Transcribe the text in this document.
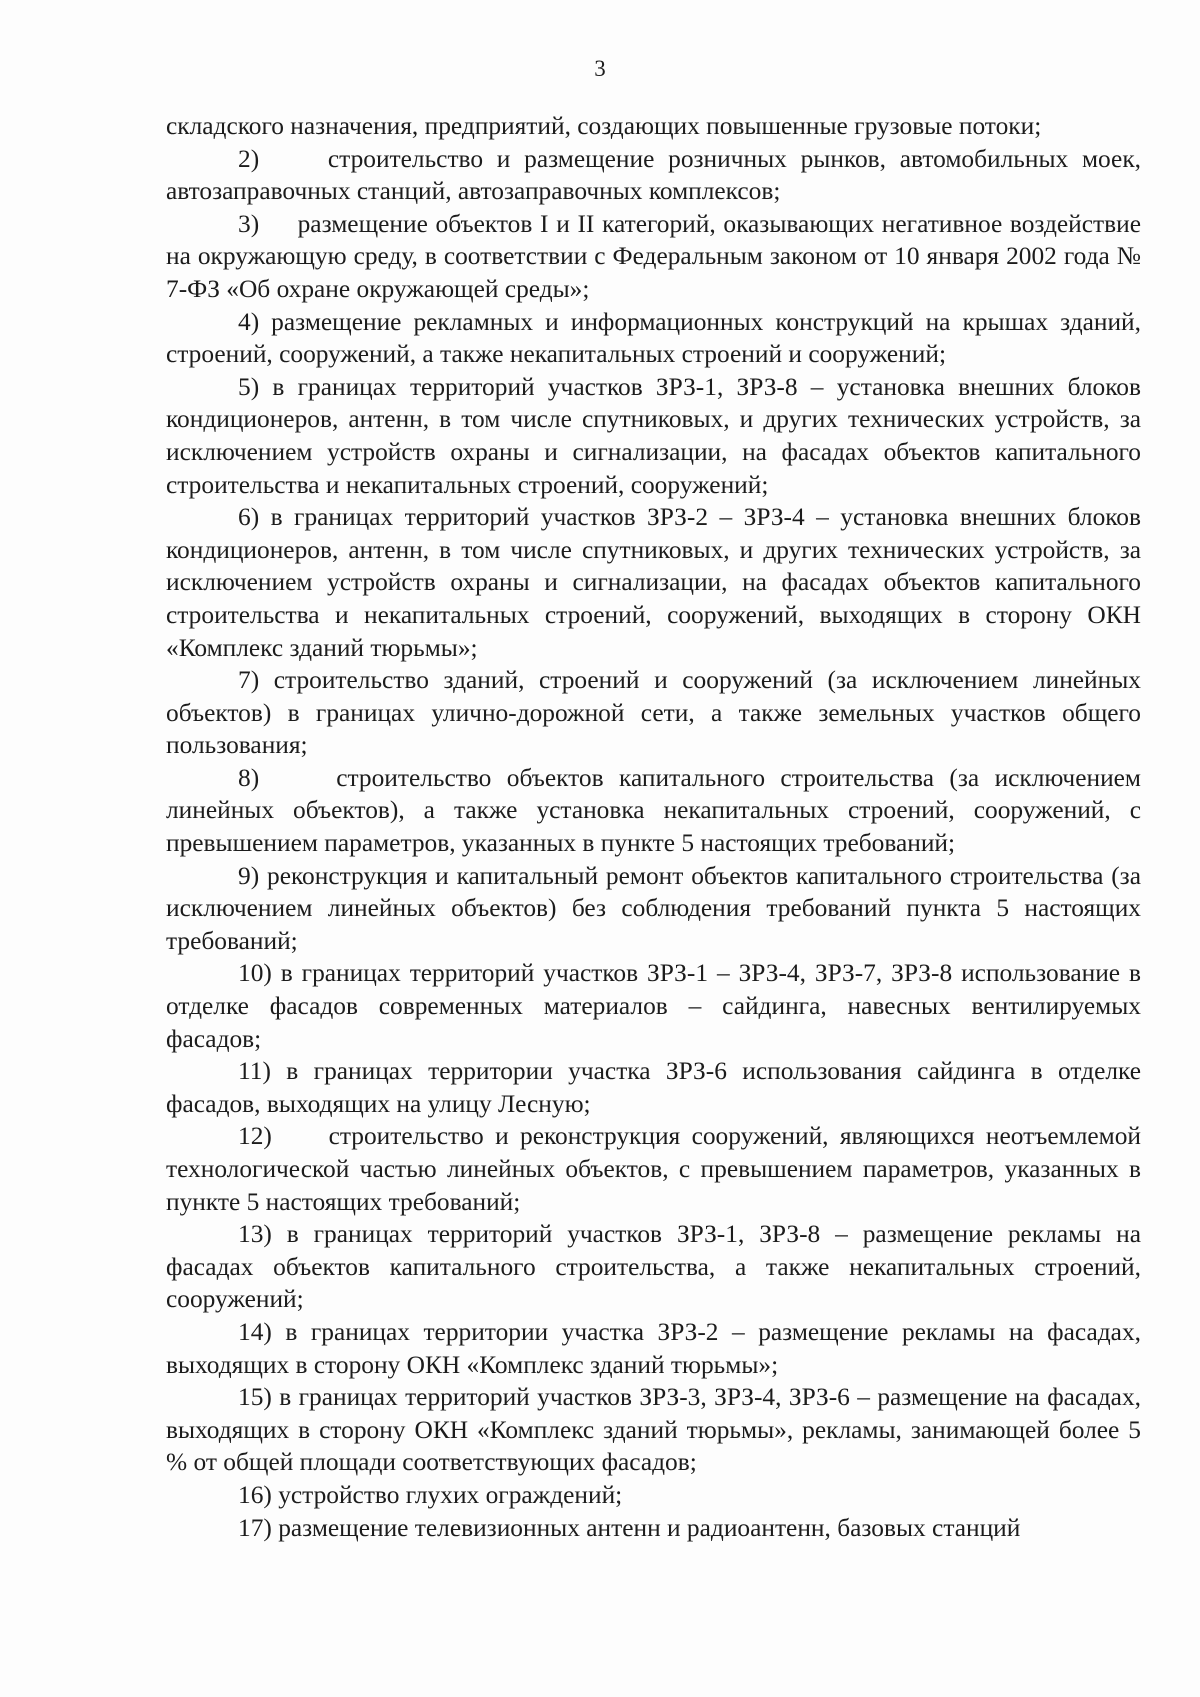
3

складского назначения, предприятий, создающих повышенные грузовые потоки;

2)     строительство и размещение розничных рынков, автомобильных моек, автозаправочных станций, автозаправочных комплексов;

3)     размещение объектов I и II категорий, оказывающих негативное воздействие на окружающую среду, в соответствии с Федеральным законом от 10 января 2002 года № 7-ФЗ «Об охране окружающей среды»;

4) размещение рекламных и информационных конструкций на крышах зданий, строений, сооружений, а также некапитальных строений и сооружений;

5) в границах территорий участков ЗРЗ-1, ЗРЗ-8 – установка внешних блоков кондиционеров, антенн, в том числе спутниковых, и других технических устройств, за исключением устройств охраны и сигнализации, на фасадах объектов капитального строительства и некапитальных строений, сооружений;

6) в границах территорий участков ЗРЗ-2 – ЗРЗ-4 – установка внешних блоков кондиционеров, антенн, в том числе спутниковых, и других технических устройств, за исключением устройств охраны и сигнализации, на фасадах объектов капитального строительства и некапитальных строений, сооружений, выходящих в сторону ОКН «Комплекс зданий тюрьмы»;

7) строительство зданий, строений и сооружений (за исключением линейных объектов) в границах улично-дорожной сети, а также земельных участков общего пользования;

8)     строительство объектов капитального строительства (за исключением линейных объектов), а также установка некапитальных строений, сооружений, с превышением параметров, указанных в пункте 5 настоящих требований;

9) реконструкция и капитальный ремонт объектов капитального строительства (за исключением линейных объектов) без соблюдения требований пункта 5 настоящих требований;

10) в границах территорий участков ЗРЗ-1 – ЗРЗ-4, ЗРЗ-7, ЗРЗ-8 использование в отделке фасадов современных материалов – сайдинга, навесных вентилируемых фасадов;

11) в границах территории участка ЗРЗ-6 использования сайдинга в отделке фасадов, выходящих на улицу Лесную;

12)     строительство и реконструкция сооружений, являющихся неотъемлемой технологической частью линейных объектов, с превышением параметров, указанных в пункте 5 настоящих требований;

13) в границах территорий участков ЗРЗ-1, ЗРЗ-8 – размещение рекламы на фасадах объектов капитального строительства, а также некапитальных строений, сооружений;

14) в границах территории участка ЗРЗ-2 – размещение рекламы на фасадах, выходящих в сторону ОКН «Комплекс зданий тюрьмы»;

15) в границах территорий участков ЗРЗ-3, ЗРЗ-4, ЗРЗ-6 – размещение на фасадах, выходящих в сторону ОКН «Комплекс зданий тюрьмы», рекламы, занимающей более 5 % от общей площади соответствующих фасадов;

16) устройство глухих ограждений;

17) размещение телевизионных антенн и радиоантенн, базовых станций
